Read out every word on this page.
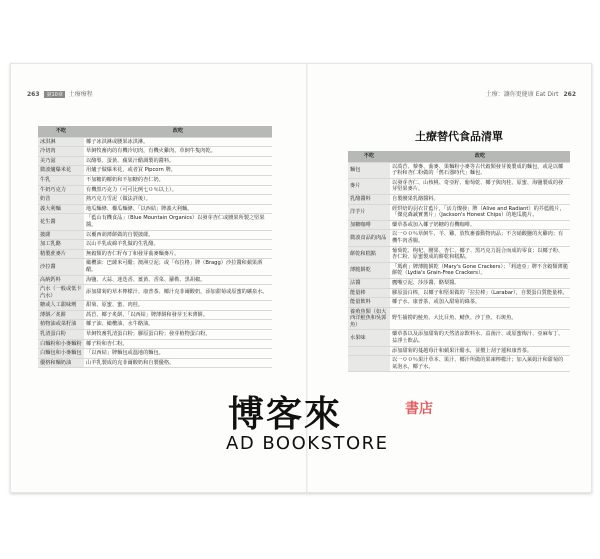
263 第10章 土療療程
不吃	改吃
冰淇淋	椰子冰淇淋或腰果冰淇淋。
冷切肉	草飼牧畜肉的有機冷切肉，有機火雞肉、草飼牛隻肉乾。
美乃滋	以酪梨、蛋黃、蘋果汁醋調製的醬料。
微波爐爆米花	用爐子做爆米花，或者買 Pipcorn 牌。
牛乳	不加糖的椰奶和不加糖的杏仁奶。
牛奶巧克力	有機黑巧克力（可可比例七０％以上）。
奶昔	熱巧克力雪泥（做法詳後）。
義大利麵	地瓜麵條、櫛瓜麵條、「以西結」牌義大利麵。
花生醬	「藍山有機食品」（Blue Mountain Organics）以發芽杏仁或腰果所製之堅果醬。
披薩	以覆西葫薄餅做的自製披薩。
加工乳酪	以山羊乳或綿羊乳做的生乳酪。
精製蔗麥片	無穀類的杏仁籽布丁和發芽蕎麥麵麥片。
沙拉醬	橄欖油：巴薩米可醋；澳洲豆泥；或「布拉格」牌（Bragg）沙拉醬和蘋果酒醋。
高納鈣料	海鹽、大蒜、迷迭香、薑黃、香菜、蘿勒、黑胡椒。
汽水（一般或低卡汽水）	添加甜菊的草本檸檬汁、康普茶、椰汁克菲爾酸奶，添加甜菊或原蜜的礦泉水。
糖或人工甜味劑	甜菊、原蜜、蜜、肉桂。
薄餅／炙餅	萵苣、椰子炙餅，「以西結」牌薄餅和發芽玉米薄餅。
植物油或菜籽油	椰子油、橄欖油、水牛酪油。
乳清蛋白粉	草飼牧畜乳清蛋白粉；膠原蛋白粉；發芽植物蛋白粉。
白麵粉和小麥麵粉	椰子粉和杏仁粉。
白麵包和小麥麵包	「以西結」牌麵包或溫地的麵包。
優格和麵奶油	山羊乳製成的克菲爾酸奶和自製優格。
土療：讓你更健康 Eat Dirt 262
土療替代食品清單
不吃	改吃
麵包	以萵苣、藜麥、蕎麥、果麵粉小麥等古代穀類發芽後製成的麵包，或是以椰子粉和杏仁粉做的「舊石器時代」麵包。
麥片	以發芽杏仁、山核桃、奇亞籽、葡萄乾、椰子與肉桂、原蜜、海鹽製成的發芽堅果麥片。
乳酪醬料	自製腰果乳酪醬料。
洋芋片	經烘焙的羽衣甘藍片，「活力燦發」牌（Alive and Radiant）的芥藍脆片，「傑克森誠實薯片」（Jackson's Honest Chips）的地瓜脆片。
加糖咖啡	藥草茶或加入椰子奶糖的有機咖啡。
微波食品的肉品	以一００％草飼牛、羊、雞，放牧畜養動物肉品；不含硝酸鹽的火雞肉；有機牛肉香腸。
餅乾和糕點	葡萄乾、枸杞、腰果、杏仁、椰子、黑巧克力混合而成的零食；以椰子粉、杏仁粉、原蜜製成的餅乾和糕點。
薄脆餅乾	「瑪莉」牌薄脆餅乾（Mary's Gone Crackers）；「莉迪亞」牌不含穀類薄脆餅乾（Lydia's Grain-Free Crackers）。
沾醬	鷹嘴豆泥、莎莎醬、酪梨醬。
能量棒	膠原蛋白棒，以椰子和堅果做的「拉拉棒」（Larabar），自製蛋白質能量棒。
能量飲料	椰子水、康普茶，或加入甜菊的綠茶。
養殖魚類（如大西洋鮭魚和吳郭魚）	野生捕撈的鮭魚、大比目魚、鯖魚、沙丁魚、石斑魚。
水果味	藥草茶以及添加甜菊的天然清涼飲料水、益菌汁、或原蜜梅汁、亞麻布丁、益淨士飲品。
	添加甜菊的蔓越莓汁和蘋果汁醋水，並攪上刮子蓮和康普茶。
	以一００％果汁草本、果汁、椰汁所做的果凍檸檬汁；加入萊姆汁和甜菊的氣泡水，椰子水。
博客來	書店
AD BOOKSTORE
